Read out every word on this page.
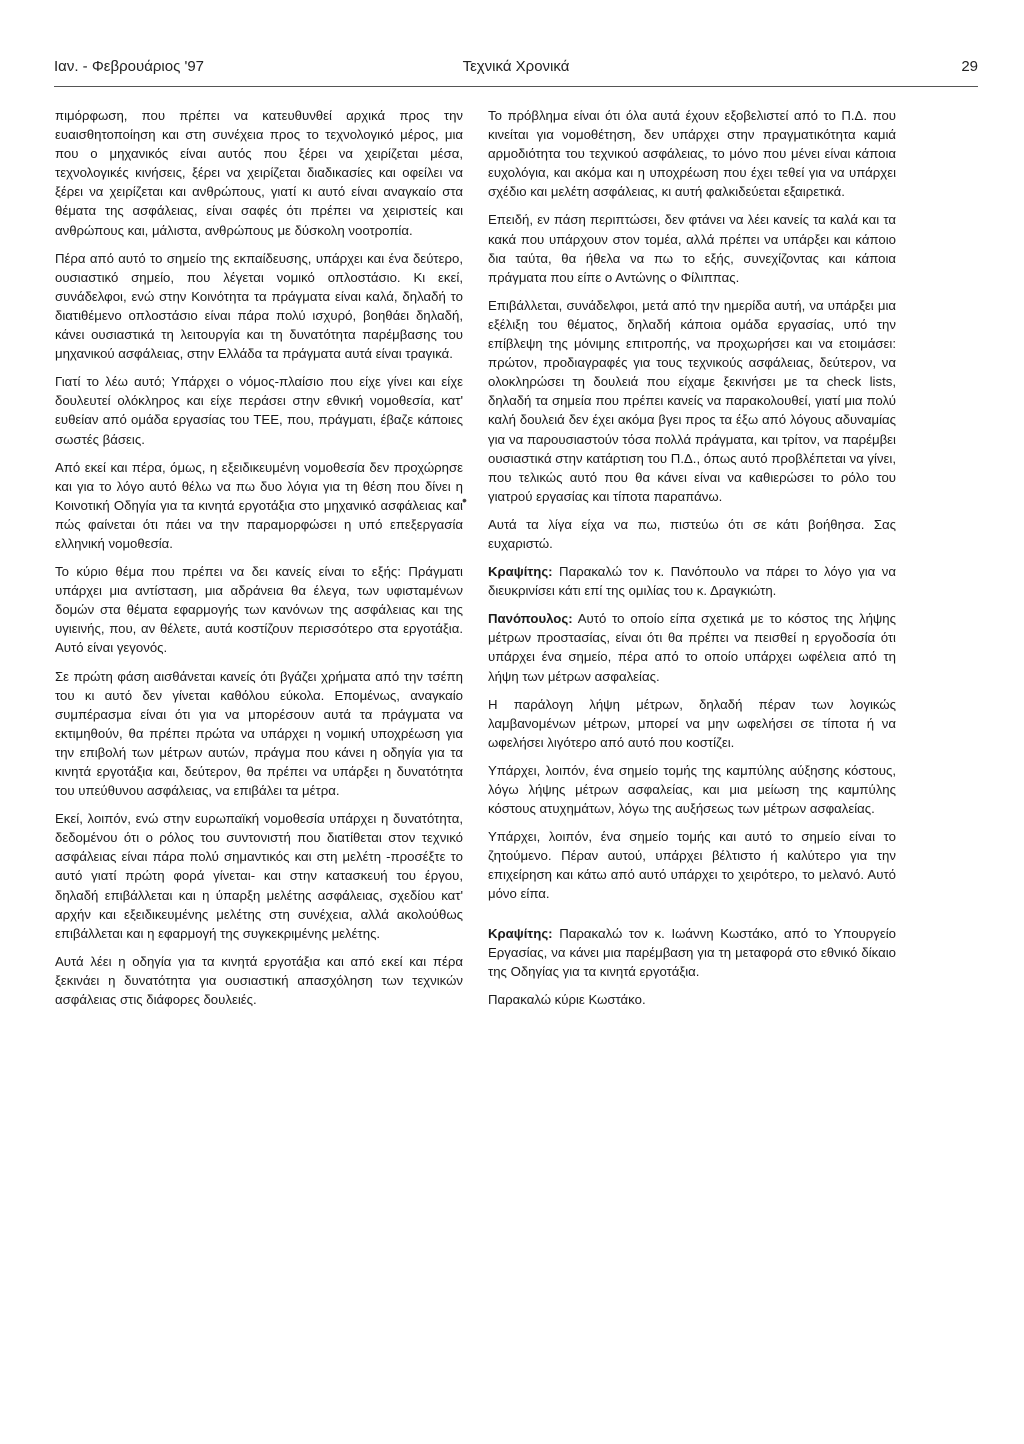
Ιαν. - Φεβρουάριος '97	Τεχνικά Χρονικά	29

πιμόρφωση, που πρέπει να κατευθυνθεί αρχικά προς την ευαισθητοποίηση και στη συνέχεια προς το τεχνολογικό μέρος, μια που ο μηχανικός είναι αυτός που ξέρει να χειρίζεται μέσα, τεχνολογικές κινήσεις, ξέρει να χειρίζεται διαδικασίες και οφείλει να ξέρει να χειρίζεται και ανθρώπους, γιατί κι αυτό είναι αναγκαίο στα θέματα της ασφάλειας, είναι σαφές ότι πρέπει να χειριστείς και ανθρώπους και, μάλιστα, ανθρώπους με δύσκολη νοοτροπία.

Πέρα από αυτό το σημείο της εκπαίδευσης, υπάρχει και ένα δεύτερο, ουσιαστικό σημείο, που λέγεται νομικό οπλοστάσιο. Κι εκεί, συνάδελφοι, ενώ στην Κοινότητα τα πράγματα είναι καλά, δηλαδή το διατιθέμενο οπλοστάσιο είναι πάρα πολύ ισχυρό, βοηθάει δηλαδή, κάνει ουσιαστικά τη λειτουργία και τη δυνατότητα παρέμβασης του μηχανικού ασφάλειας, στην Ελλάδα τα πράγματα αυτά είναι τραγικά.

Γιατί το λέω αυτό; Υπάρχει ο νόμος-πλαίσιο που είχε γίνει και είχε δουλευτεί ολόκληρος και είχε περάσει στην εθνική νομοθεσία, κατ' ευθείαν από ομάδα εργασίας του ΤΕΕ, που, πράγματι, έβαζε κάποιες σωστές βάσεις.

Από εκεί και πέρα, όμως, η εξειδικευμένη νομοθεσία δεν προχώρησε και για το λόγο αυτό θέλω να πω δυο λόγια για τη θέση που δίνει η Κοινοτική Οδηγία για τα κινητά εργοτάξια στο μηχανικό ασφάλειας και πώς φαίνεται ότι πάει να την παραμορφώσει η υπό επεξεργασία ελληνική νομοθεσία.

Το κύριο θέμα που πρέπει να δει κανείς είναι το εξής: Πράγματι υπάρχει μια αντίσταση, μια αδράνεια θα έλεγα, των υφισταμένων δομών στα θέματα εφαρμογής των κανόνων της ασφάλειας και της υγιεινής, που, αν θέλετε, αυτά κοστίζουν περισσότερο στα εργοτάξια. Αυτό είναι γεγονός.

Σε πρώτη φάση αισθάνεται κανείς ότι βγάζει χρήματα από την τσέπη του κι αυτό δεν γίνεται καθόλου εύκολα. Επομένως, αναγκαίο συμπέρασμα είναι ότι για να μπορέσουν αυτά τα πράγματα να εκτιμηθούν, θα πρέπει πρώτα να υπάρχει η νομική υποχρέωση για την επιβολή των μέτρων αυτών, πράγμα που κάνει η οδηγία για τα κινητά εργοτάξια και, δεύτερον, θα πρέπει να υπάρξει η δυνατότητα του υπεύθυνου ασφάλειας, να επιβάλει τα μέτρα.

Εκεί, λοιπόν, ενώ στην ευρωπαϊκή νομοθεσία υπάρχει η δυνατότητα, δεδομένου ότι ο ρόλος του συντονιστή που διατίθεται στον τεχνικό ασφάλειας είναι πάρα πολύ σημαντικός και στη μελέτη -προσέξτε το αυτό γιατί πρώτη φορά γίνεται- και στην κατασκευή του έργου, δηλαδή επιβάλλεται και η ύπαρξη μελέτης ασφάλειας, σχεδίου κατ' αρχήν και εξειδικευμένης μελέτης στη συνέχεια, αλλά ακολούθως επιβάλλεται και η εφαρμογή της συγκεκριμένης μελέτης.

Αυτά λέει η οδηγία για τα κινητά εργοτάξια και από εκεί και πέρα ξεκινάει η δυνατότητα για ουσιαστική απασχόληση των τεχνικών ασφάλειας στις διάφορες δουλειές.

•

Το πρόβλημα είναι ότι όλα αυτά έχουν εξοβελιστεί από το Π.Δ. που κινείται για νομοθέτηση, δεν υπάρχει στην πραγματικότητα καμιά αρμοδιότητα του τεχνικού ασφάλειας, το μόνο που μένει είναι κάποια ευχολόγια, και ακόμα και η υποχρέωση που έχει τεθεί για να υπάρχει σχέδιο και μελέτη ασφάλειας, κι αυτή φαλκιδεύεται εξαιρετικά.

Επειδή, εν πάση περιπτώσει, δεν φτάνει να λέει κανείς τα καλά και τα κακά που υπάρχουν στον τομέα, αλλά πρέπει να υπάρξει και κάποιο δια ταύτα, θα ήθελα να πω το εξής, συνεχίζοντας και κάποια πράγματα που είπε ο Αντώνης ο Φίλιππας.

Επιβάλλεται, συνάδελφοι, μετά από την ημερίδα αυτή, να υπάρξει μια εξέλιξη του θέματος, δηλαδή κάποια ομάδα εργασίας, υπό την επίβλεψη της μόνιμης επιτροπής, να προχωρήσει και να ετοιμάσει: πρώτον, προδιαγραφές για τους τεχνικούς ασφάλειας, δεύτερον, να ολοκληρώσει τη δουλειά που είχαμε ξεκινήσει με τα check lists, δηλαδή τα σημεία που πρέπει κανείς να παρακολουθεί, γιατί μια πολύ καλή δουλειά δεν έχει ακόμα βγει προς τα έξω από λόγους αδυναμίας για να παρουσιαστούν τόσα πολλά πράγματα, και τρίτον, να παρέμβει ουσιαστικά στην κατάρτιση του Π.Δ., όπως αυτό προβλέπεται να γίνει, που τελικώς αυτό που θα κάνει είναι να καθιερώσει το ρόλο του γιατρού εργασίας και τίποτα παραπάνω.

Αυτά τα λίγα είχα να πω, πιστεύω ότι σε κάτι βοήθησα. Σας ευχαριστώ.

Κραψίτης: Παρακαλώ τον κ. Πανόπουλο να πάρει το λόγο για να διευκρινίσει κάτι επί της ομιλίας του κ. Δραγκιώτη.

Πανόπουλος: Αυτό το οποίο είπα σχετικά με το κόστος της λήψης μέτρων προστασίας, είναι ότι θα πρέπει να πεισθεί η εργοδοσία ότι υπάρχει ένα σημείο, πέρα από το οποίο υπάρχει ωφέλεια από τη λήψη των μέτρων ασφαλείας.

Η παράλογη λήψη μέτρων, δηλαδή πέραν των λογικώς λαμβανομένων μέτρων, μπορεί να μην ωφελήσει σε τίποτα ή να ωφελήσει λιγότερο από αυτό που κοστίζει.

Υπάρχει, λοιπόν, ένα σημείο τομής της καμπύλης αύξησης κόστους, λόγω λήψης μέτρων ασφαλείας, και μια μείωση της καμπύλης κόστους ατυχημάτων, λόγω της αυξήσεως των μέτρων ασφαλείας.

Υπάρχει, λοιπόν, ένα σημείο τομής και αυτό το σημείο είναι το ζητούμενο. Πέραν αυτού, υπάρχει βέλτιστο ή καλύτερο για την επιχείρηση και κάτω από αυτό υπάρχει το χειρότερο, το μελανό. Αυτό μόνο είπα.

Κραψίτης: Παρακαλώ τον κ. Ιωάννη Κωστάκο, από το Υπουργείο Εργασίας, να κάνει μια παρέμβαση για τη μεταφορά στο εθνικό δίκαιο της Οδηγίας για τα κινητά εργοτάξια.

Παρακαλώ κύριε Κωστάκο.
